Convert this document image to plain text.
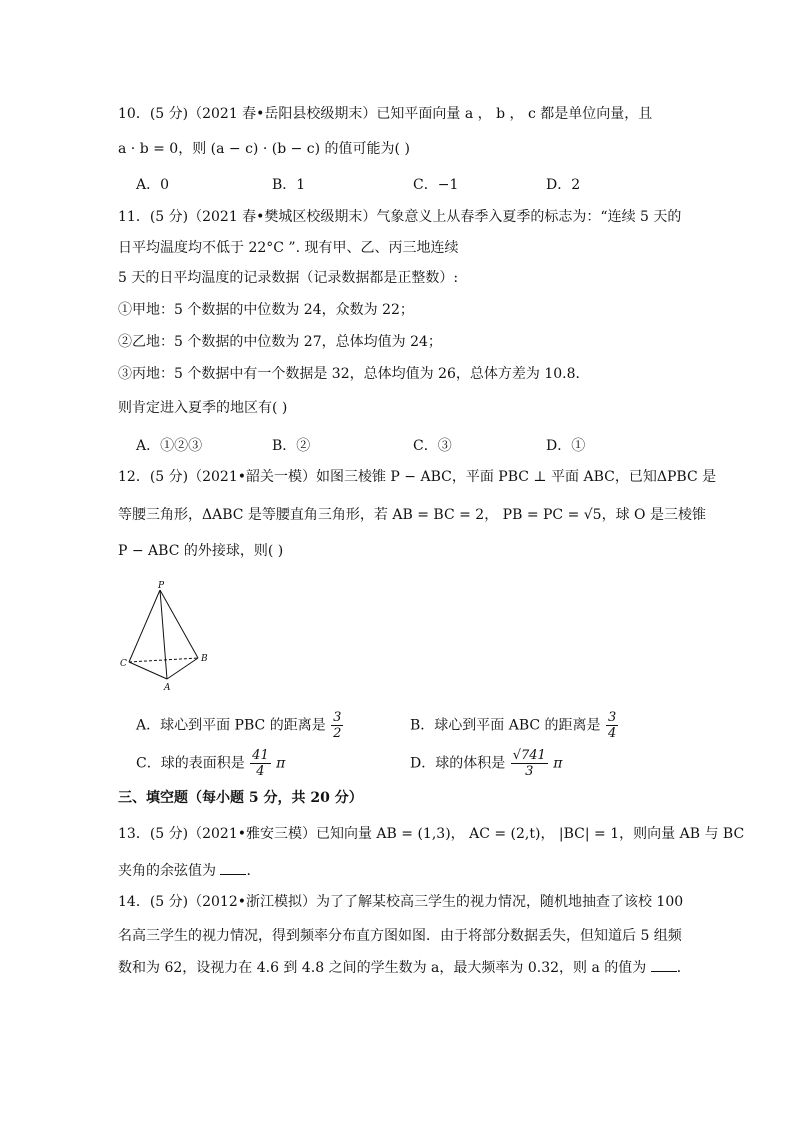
10．(5 分)（2021 春•岳阳县校级期末）已知平面向量 a ， b ， c 都是单位向量，且
a · b = 0，则 (a − c) · (b − c) 的值可能为( )
A．0	B．1	C．−1	D．2
11．(5 分)（2021 春•樊城区校级期末）气象意义上从春季入夏季的标志为：“连续 5 天的
日平均温度均不低于 22°C ”. 现有甲、乙、丙三地连续
5 天的日平均温度的记录数据（记录数据都是正整数）:
①甲地：5 个数据的中位数为 24，众数为 22；
②乙地：5 个数据的中位数为 27，总体均值为 24；
③丙地：5 个数据中有一个数据是 32，总体均值为 26，总体方差为 10.8．
则肯定进入夏季的地区有( )
A．①②③	B．②	C．③	D．①
12．(5 分)（2021•韶关一模）如图三棱锥 P − ABC，平面 PBC ⊥ 平面 ABC，已知ΔPBC 是
等腰三角形，ΔABC 是等腰直角三角形，若 AB = BC = 2， PB = PC = √5，球 O 是三棱锥
P − ABC 的外接球，则( )
P
C	B
A
A．球心到平面 PBC 的距离是 $\frac{3}{2}$	B．球心到平面 ABC 的距离是 $\frac{3}{4}$
C．球的表面积是 $\frac{41}{4}$ π	D．球的体积是 $\frac{√741}{3}$ π
三、填空题（每小题 5 分，共 20 分）
13．(5 分)（2021•雅安三模）已知向量 AB = (1,3)， AC = (2,t)， |BC| = 1，则向量 AB 与 BC
夹角的余弦值为 ．
14．(5 分)（2012•浙江模拟）为了了解某校高三学生的视力情况，随机地抽查了该校 100
名高三学生的视力情况，得到频率分布直方图如图．由于将部分数据丢失，但知道后 5 组频
数和为 62，设视力在 4.6 到 4.8 之间的学生数为 a，最大频率为 0.32，则 a 的值为 ．
